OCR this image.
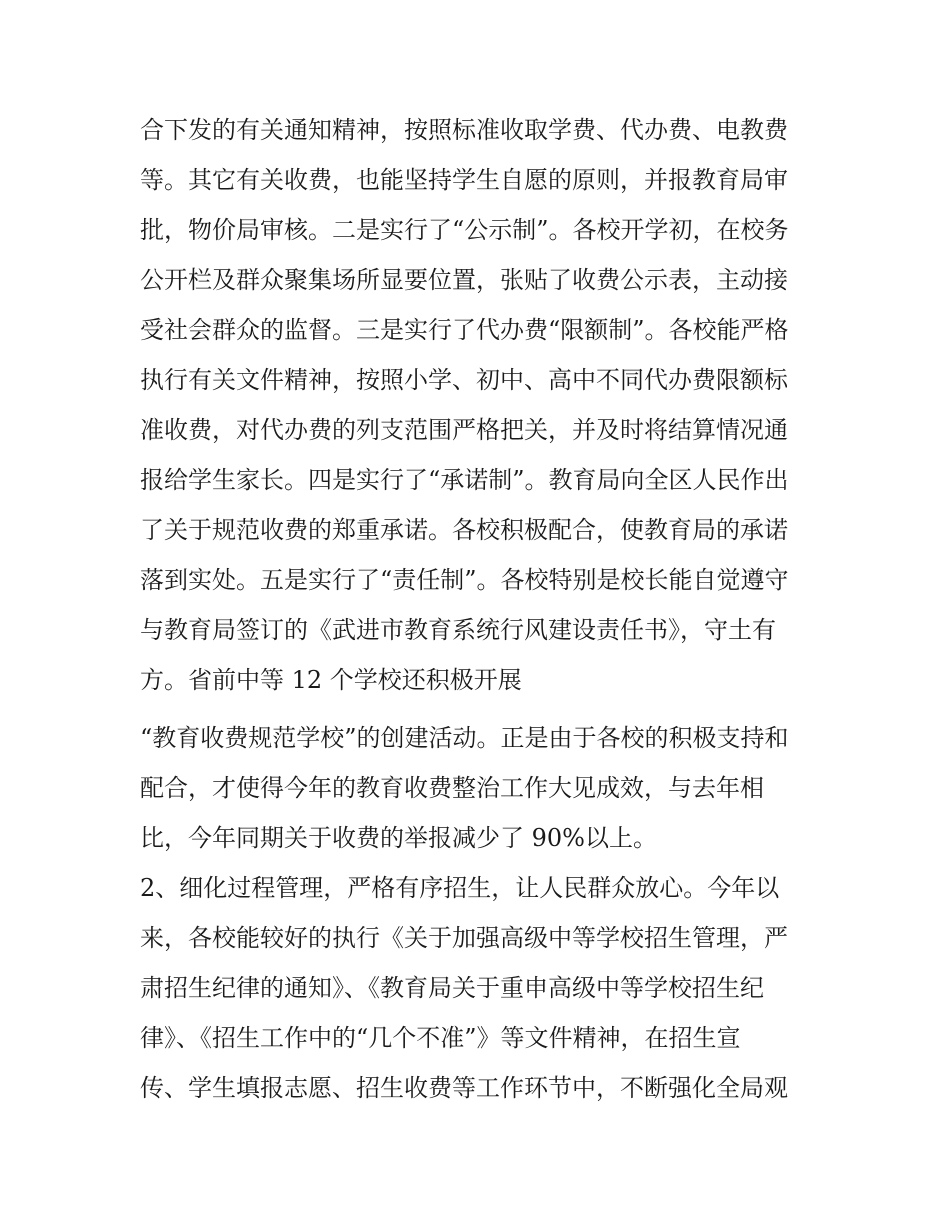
合下发的有关通知精神，按照标准收取学费、代办费、电教费
等。其它有关收费，也能坚持学生自愿的原则，并报教育局审
批，物价局审核。二是实行了“公示制”。各校开学初，在校务
公开栏及群众聚集场所显要位置，张贴了收费公示表，主动接
受社会群众的监督。三是实行了代办费“限额制”。各校能严格
执行有关文件精神，按照小学、初中、高中不同代办费限额标
准收费，对代办费的列支范围严格把关，并及时将结算情况通
报给学生家长。四是实行了“承诺制”。教育局向全区人民作出
了关于规范收费的郑重承诺。各校积极配合，使教育局的承诺
落到实处。五是实行了“责任制”。各校特别是校长能自觉遵守
与教育局签订的《武进市教育系统行风建设责任书》，守土有
方。省前中等 12 个学校还积极开展
“教育收费规范学校”的创建活动。正是由于各校的积极支持和
配合，才使得今年的教育收费整治工作大见成效，与去年相
比，今年同期关于收费的举报减少了 90%以上。
2、细化过程管理，严格有序招生，让人民群众放心。今年以
来，各校能较好的执行《关于加强高级中等学校招生管理，严
肃招生纪律的通知》、《教育局关于重申高级中等学校招生纪
律》、《招生工作中的“几个不准”》等文件精神，在招生宣
传、学生填报志愿、招生收费等工作环节中，不断强化全局观
